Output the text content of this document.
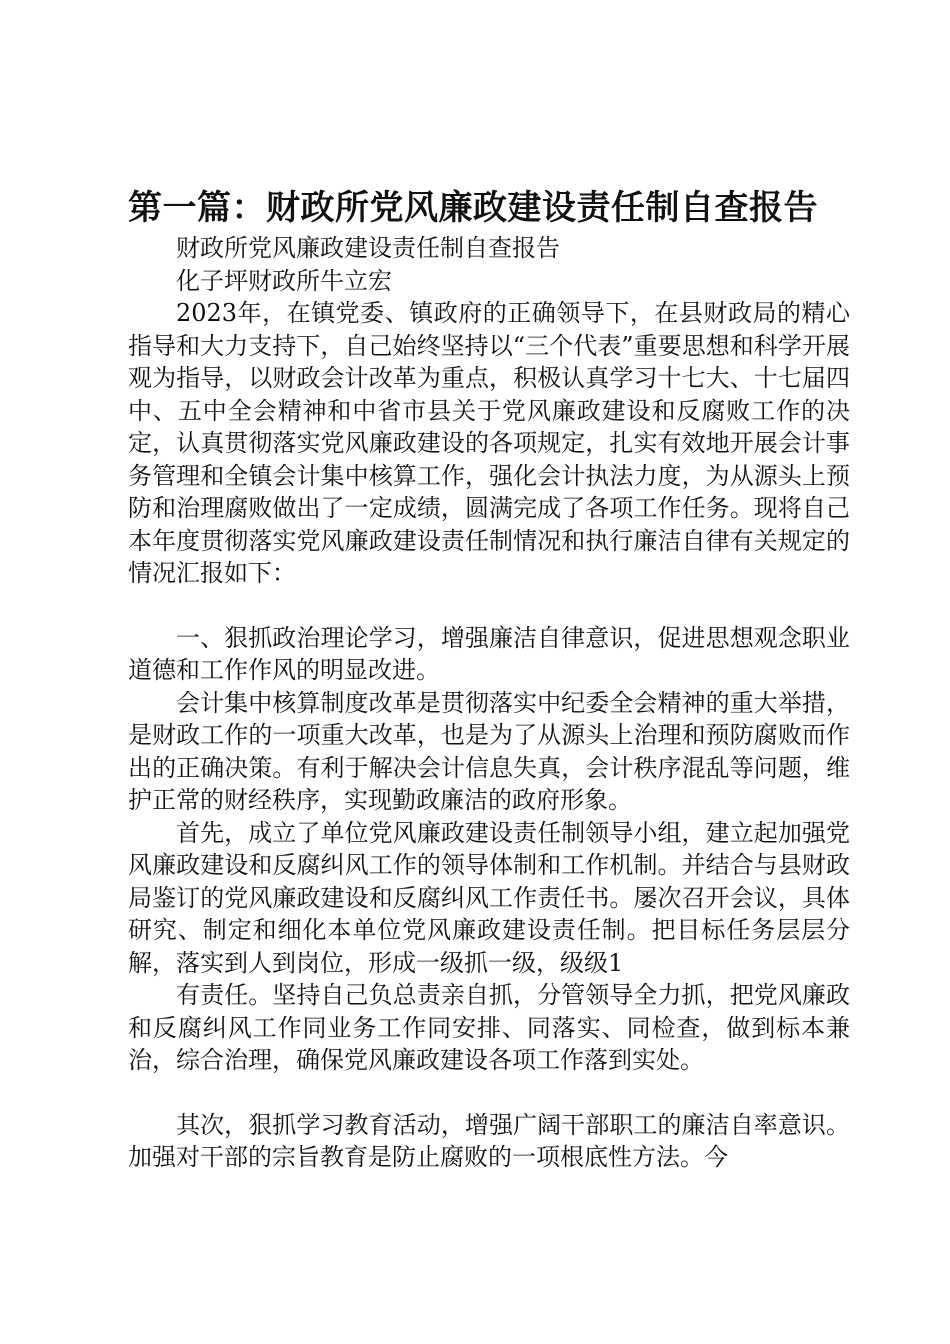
第一篇：财政所党风廉政建设责任制自查报告

财政所党风廉政建设责任制自查报告

化子坪财政所牛立宏

2023年，在镇党委、镇政府的正确领导下，在县财政局的精心指导和大力支持下，自己始终坚持以“三个代表”重要思想和科学开展观为指导，以财政会计改革为重点，积极认真学习十七大、十七届四中、五中全会精神和中省市县关于党风廉政建设和反腐败工作的决定，认真贯彻落实党风廉政建设的各项规定，扎实有效地开展会计事务管理和全镇会计集中核算工作，强化会计执法力度，为从源头上预防和治理腐败做出了一定成绩，圆满完成了各项工作任务。现将自己本年度贯彻落实党风廉政建设责任制情况和执行廉洁自律有关规定的情况汇报如下：

一、狠抓政治理论学习，增强廉洁自律意识，促进思想观念职业道德和工作作风的明显改进。

会计集中核算制度改革是贯彻落实中纪委全会精神的重大举措，是财政工作的一项重大改革，也是为了从源头上治理和预防腐败而作出的正确决策。有利于解决会计信息失真，会计秩序混乱等问题，维护正常的财经秩序，实现勤政廉洁的政府形象。

首先，成立了单位党风廉政建设责任制领导小组，建立起加强党风廉政建设和反腐纠风工作的领导体制和工作机制。并结合与县财政局鉴订的党风廉政建设和反腐纠风工作责任书。屡次召开会议，具体研究、制定和细化本单位党风廉政建设责任制。把目标任务层层分解，落实到人到岗位，形成一级抓一级，级级1

有责任。坚持自己负总责亲自抓，分管领导全力抓，把党风廉政和反腐纠风工作同业务工作同安排、同落实、同检查，做到标本兼治，综合治理，确保党风廉政建设各项工作落到实处。

其次，狠抓学习教育活动，增强广阔干部职工的廉洁自率意识。加强对干部的宗旨教育是防止腐败的一项根底性方法。今
